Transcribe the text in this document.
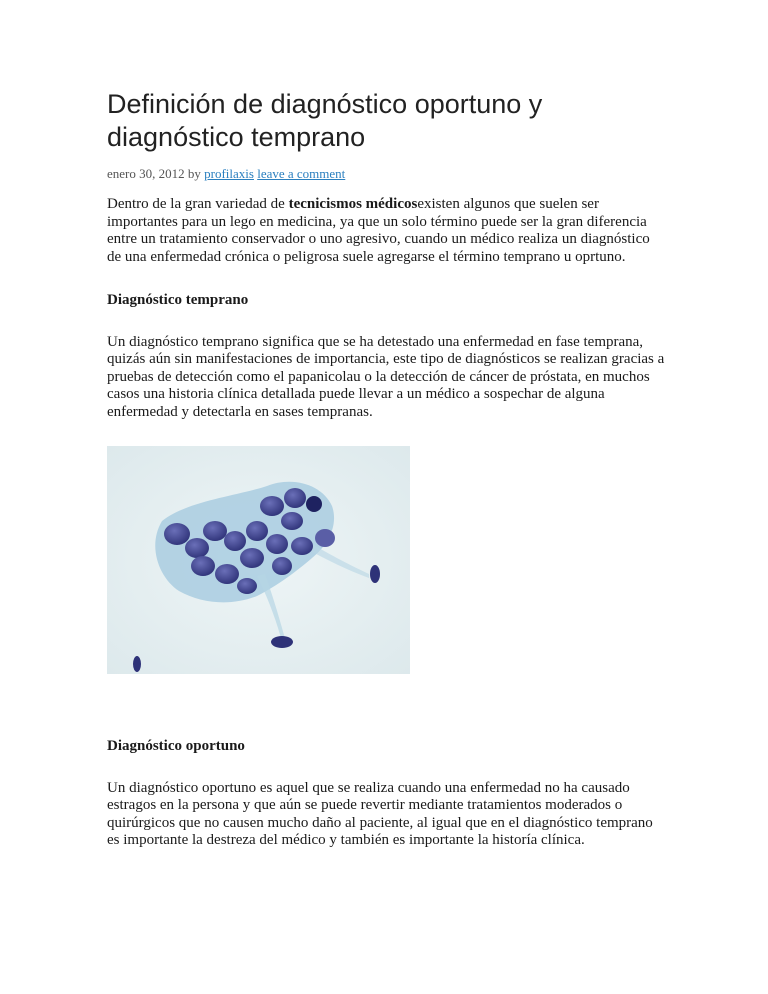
Definición de diagnóstico oportuno y diagnóstico temprano
enero 30, 2012 by profilaxis leave a comment

Dentro de la gran variedad de tecnicismos médicosexisten algunos que suelen ser importantes para un lego en medicina, ya que un solo término puede ser la gran diferencia entre un tratamiento conservador o uno agresivo, cuando un médico realiza un diagnóstico de una enfermedad crónica o peligrosa suele agregarse el término temprano u oprtuno.

Diagnóstico temprano

Un diagnóstico temprano significa que se ha detestado una enfermedad en fase temprana, quizás aún sin manifestaciones de importancia, este tipo de diagnósticos se realizan gracias a pruebas de detección como el papanicolau o la detección de cáncer de próstata, en muchos casos una historia clínica detallada puede llevar a un médico a sospechar de alguna enfermedad y detectarla en sases tempranas.

Diagnóstico oportuno

Un diagnóstico oportuno es aquel que se realiza cuando una enfermedad no ha causado estragos en la persona y que aún se puede revertir mediante tratamientos moderados o quirúrgicos que no causen mucho daño al paciente, al igual que en el diagnóstico temprano es importante la destreza del médico y también es importante la historía clínica.
